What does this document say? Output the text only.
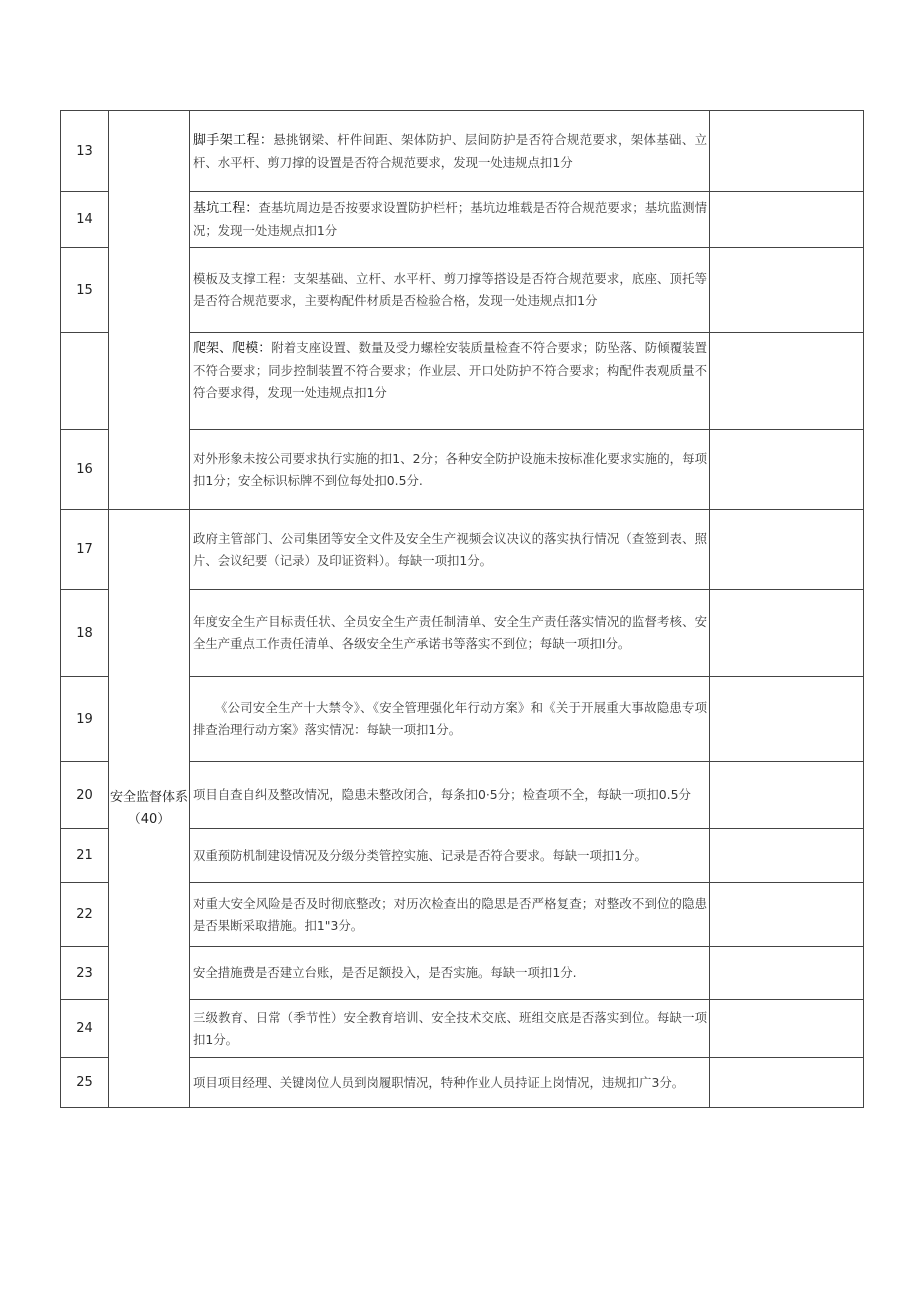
13		脚手架工程：悬挑钢梁、杆件间距、架体防护、层间防护是否符合规范要求，架体基础、立杆、水平杆、剪刀撑的设置是否符合规范要求，发现一处违规点扣1分	
14		基坑工程：查基坑周边是否按要求设置防护栏杆；基坑边堆载是否符合规范要求；基坑监测情况；发现一处违规点扣1分	
15		模板及支撑工程：支架基础、立杆、水平杆、剪刀撑等搭设是否符合规范要求，底座、顶托等是否符合规范要求，主要构配件材质是否检验合格，发现一处违规点扣1分	

		爬架、爬模：附着支座设置、数量及受力螺栓安装质量检查不符合要求；防坠落、防倾覆装置不符合要求；同步控制装置不符合要求；作业层、开口处防护不符合要求；构配件表观质量不符合要求得，发现一处违规点扣1分	

16		对外形象未按公司要求执行实施的扣1、2分；各种安全防护设施未按标准化要求实施的，每项扣1分；安全标识标牌不到位每处扣0.5分.	
17	安全监督体系（40）	政府主管部门、公司集团等安全文件及安全生产视频会议决议的落实执行情况（查签到表、照片、会议纪要（记录）及印证资料）。每缺一项扣1分。	
18		年度安全生产目标责任状、全员安全生产责任制清单、安全生产责任落实情况的监督考核、安全生产重点工作责任清单、各级安全生产承诺书等落实不到位；每缺一项扣I分。	
19		《公司安全生产十大禁令》、《安全管理强化年行动方案》和《关于开展重大事故隐患专项排查治理行动方案》落实情况：每缺一项扣1分。	
20		项目自查自纠及整改情况，隐患未整改闭合，每条扣0·5分；检查项不全，每缺一项扣0.5分	
21		双重预防机制建设情况及分级分类管控实施、记录是否符合要求。每缺一项扣1分。	
22		对重大安全风险是否及时彻底整改；对历次检查出的隐思是否严格复查；对整改不到位的隐患是否果断采取措施。扣1"3分。	
23		安全措施费是否建立台账，是否足额投入，是否实施。每缺一项扣1分.	
24		三级教育、日常（季节性）安全教育培训、安全技术交底、班组交底是否落实到位。每缺一项扣1分。	
25		项目项目经理、关键岗位人员到岗履职情况，特种作业人员持证上岗情况，违规扣广3分。	
